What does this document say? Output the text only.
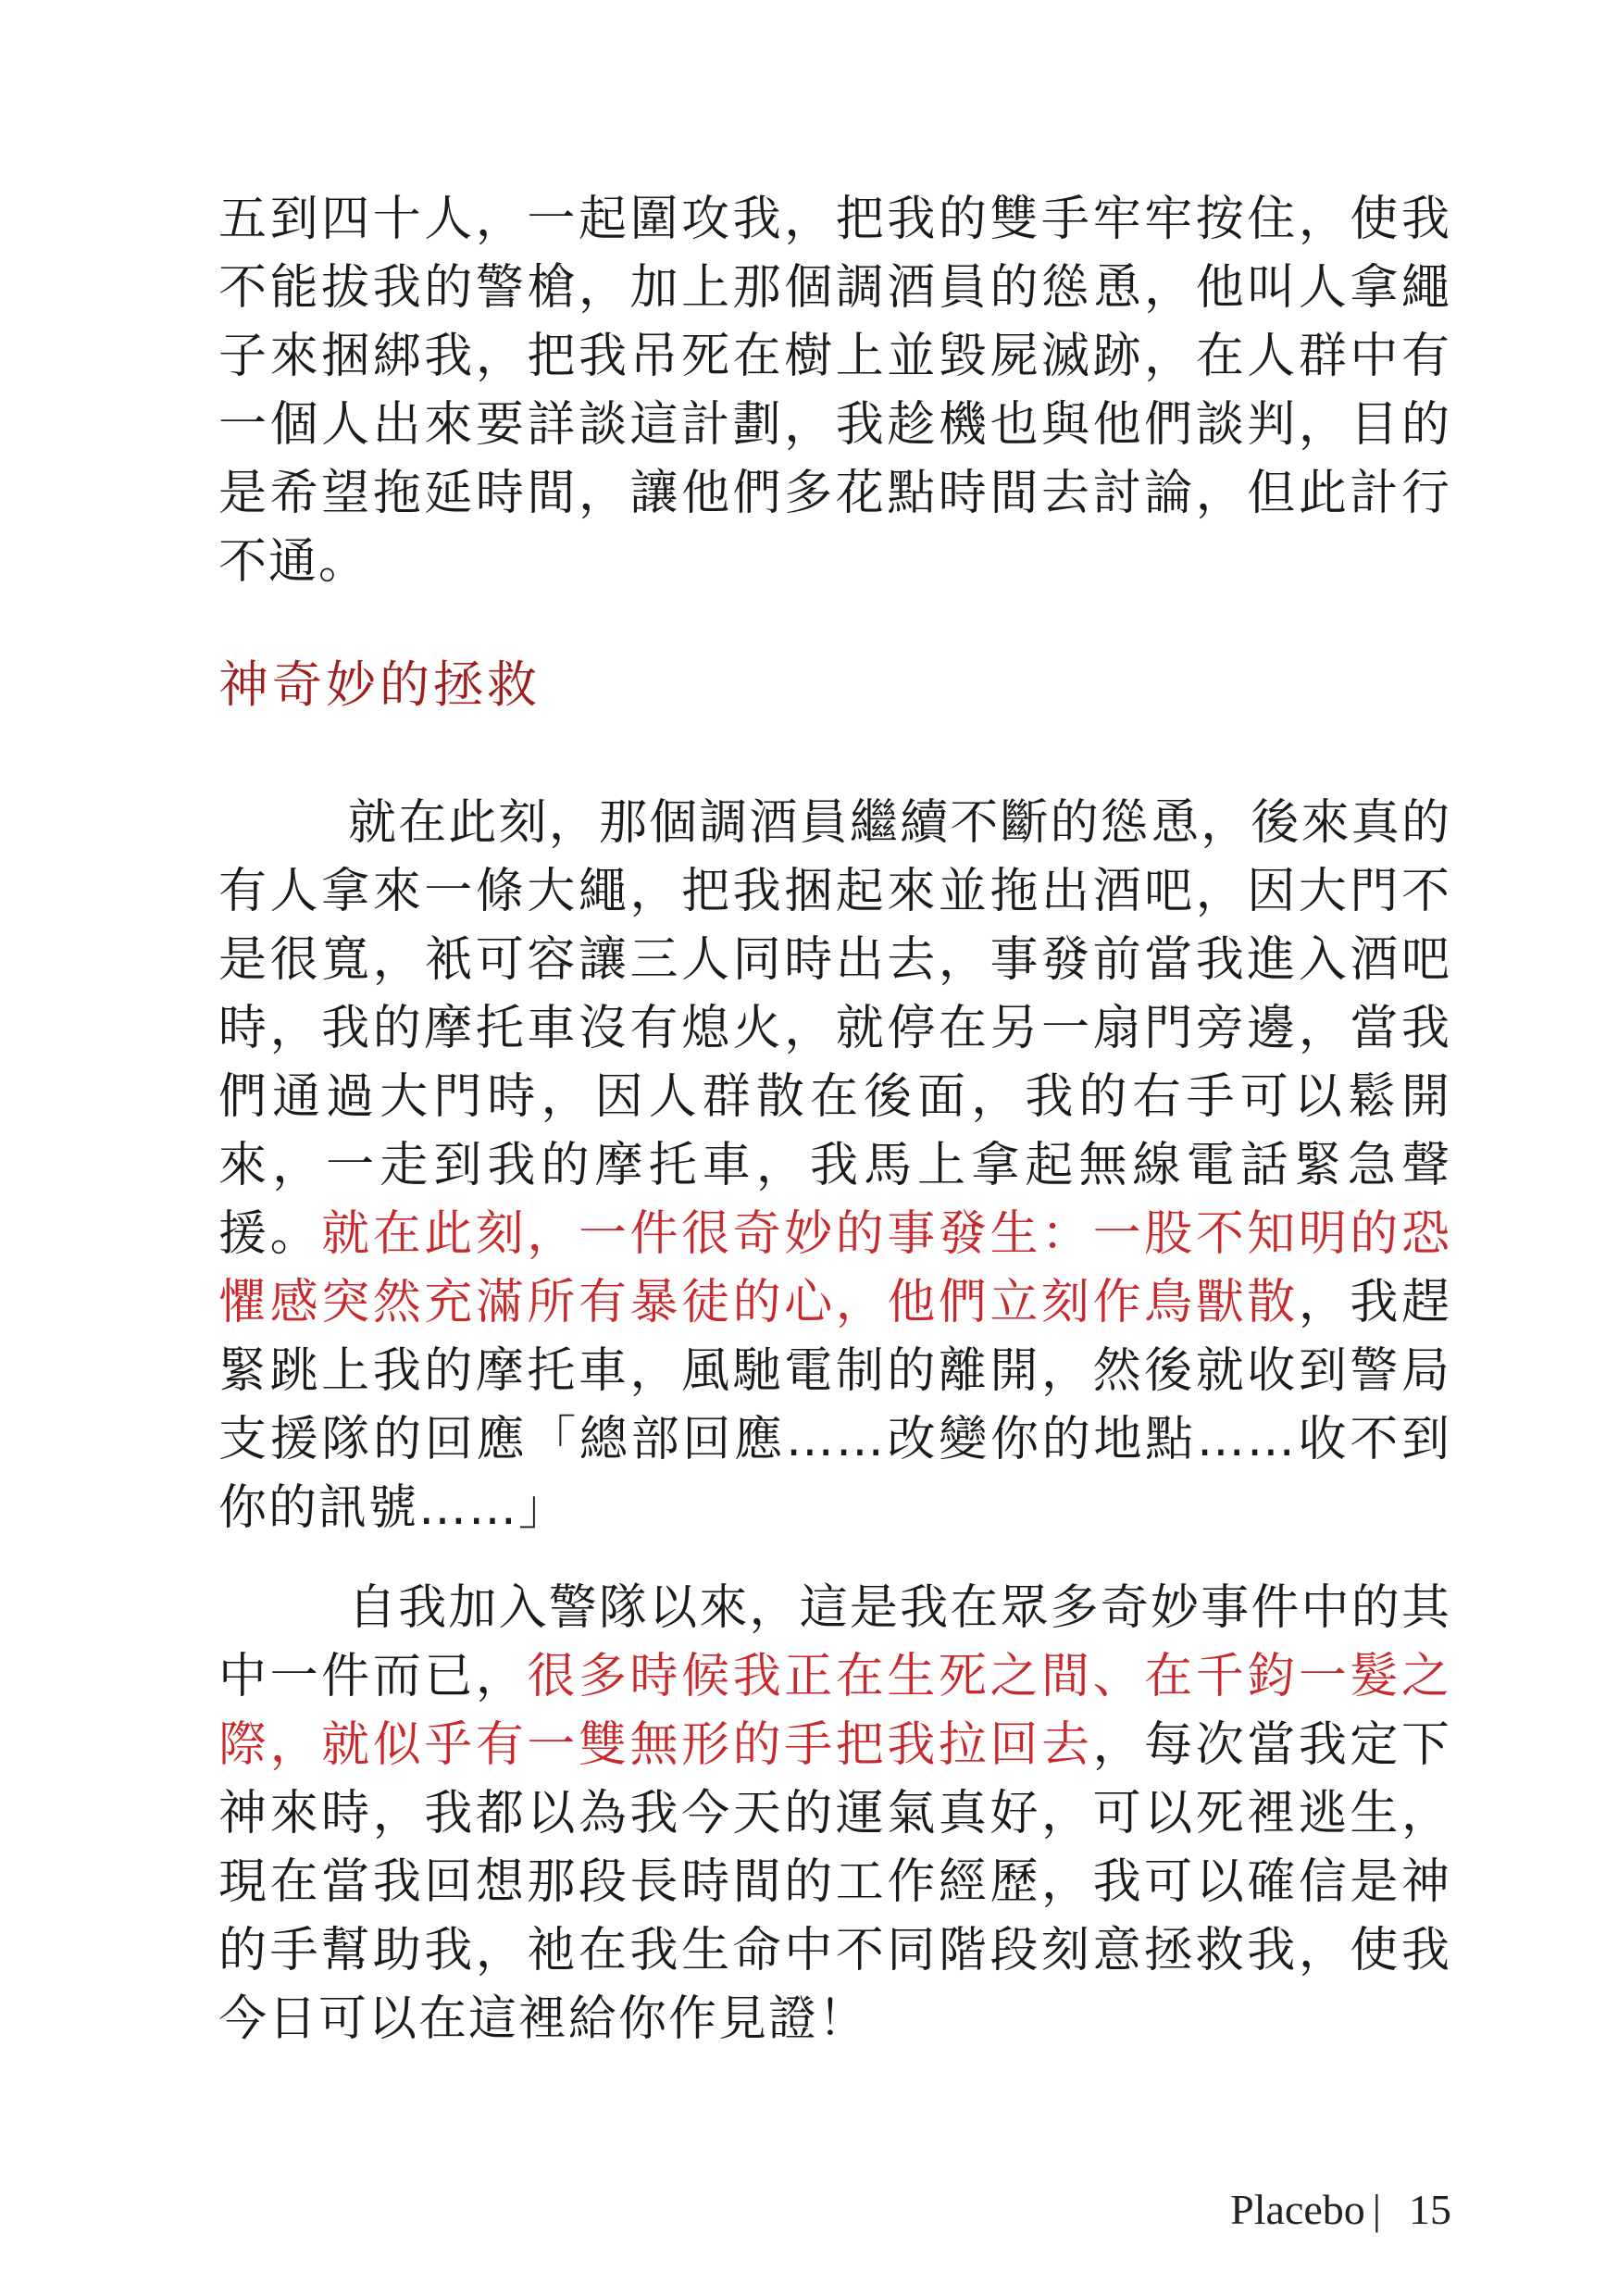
五到四十人，一起圍攻我，把我的雙手牢牢按住，使我不能拔我的警槍，加上那個調酒員的慫恿，他叫人拿繩子來捆綁我，把我吊死在樹上並毀屍滅跡，在人群中有一個人出來要詳談這計劃，我趁機也與他們談判，目的是希望拖延時間，讓他們多花點時間去討論，但此計行不通。

神奇妙的拯救

就在此刻，那個調酒員繼續不斷的慫恿，後來真的有人拿來一條大繩，把我捆起來並拖出酒吧，因大門不是很寬，衹可容讓三人同時出去，事發前當我進入酒吧時，我的摩托車沒有熄火，就停在另一扇門旁邊，當我們通過大門時，因人群散在後面，我的右手可以鬆開來，一走到我的摩托車，我馬上拿起無線電話緊急聲援。就在此刻，一件很奇妙的事發生：一股不知明的恐懼感突然充滿所有暴徒的心，他們立刻作鳥獸散，我趕緊跳上我的摩托車，風馳電制的離開，然後就收到警局支援隊的回應「總部回應……改變你的地點……收不到你的訊號……」

自我加入警隊以來，這是我在眾多奇妙事件中的其中一件而已，很多時候我正在生死之間、在千鈞一髮之際，就似乎有一雙無形的手把我拉回去，每次當我定下神來時，我都以為我今天的運氣真好，可以死裡逃生，現在當我回想那段長時間的工作經歷，我可以確信是神的手幫助我，祂在我生命中不同階段刻意拯救我，使我今日可以在這裡給你作見證！

Placebo | 15
